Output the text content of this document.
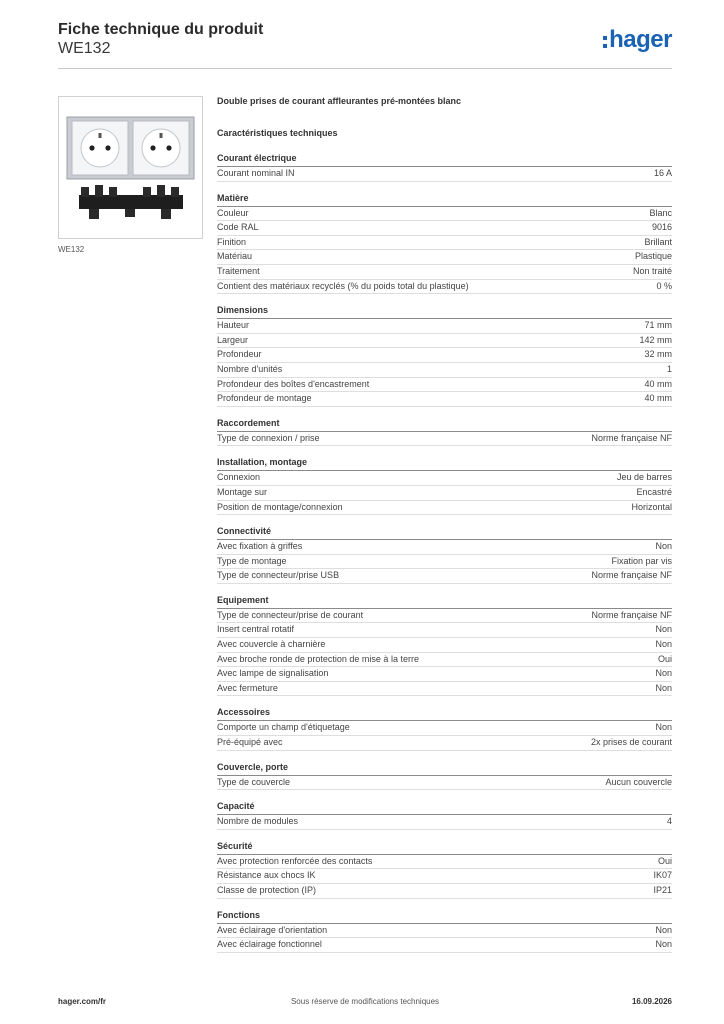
Fiche technique du produit
WE132	hager
WE132
Double prises de courant affleurantes pré-montées blanc
Caractéristiques techniques
Courant électrique
Courant nominal IN	16 A
Matière
Couleur	Blanc
Code RAL	9016
Finition	Brillant
Matériau	Plastique
Traitement	Non traité
Contient des matériaux recyclés (% du poids total du plastique)	0 %
Dimensions
Hauteur	71 mm
Largeur	142 mm
Profondeur	32 mm
Nombre d'unités	1
Profondeur des boîtes d'encastrement	40 mm
Profondeur de montage	40 mm
Raccordement
Type de connexion / prise	Norme française NF
Installation, montage
Connexion	Jeu de barres
Montage sur	Encastré
Position de montage/connexion	Horizontal
Connectivité
Avec fixation à griffes	Non
Type de montage	Fixation par vis
Type de connecteur/prise USB	Norme française NF
Equipement
Type de connecteur/prise de courant	Norme française NF
Insert central rotatif	Non
Avec couvercle à charnière	Non
Avec broche ronde de protection de mise à la terre	Oui
Avec lampe de signalisation	Non
Avec fermeture	Non
Accessoires
Comporte un champ d'étiquetage	Non
Pré-équipé avec	2x prises de courant
Couvercle, porte
Type de couvercle	Aucun couvercle
Capacité
Nombre de modules	4
Sécurité
Avec protection renforcée des contacts	Oui
Résistance aux chocs IK	IK07
Classe de protection (IP)	IP21
Fonctions
Avec éclairage d'orientation	Non
Avec éclairage fonctionnel	Non
hager.com/fr	Sous réserve de modifications techniques	16.09.2026
